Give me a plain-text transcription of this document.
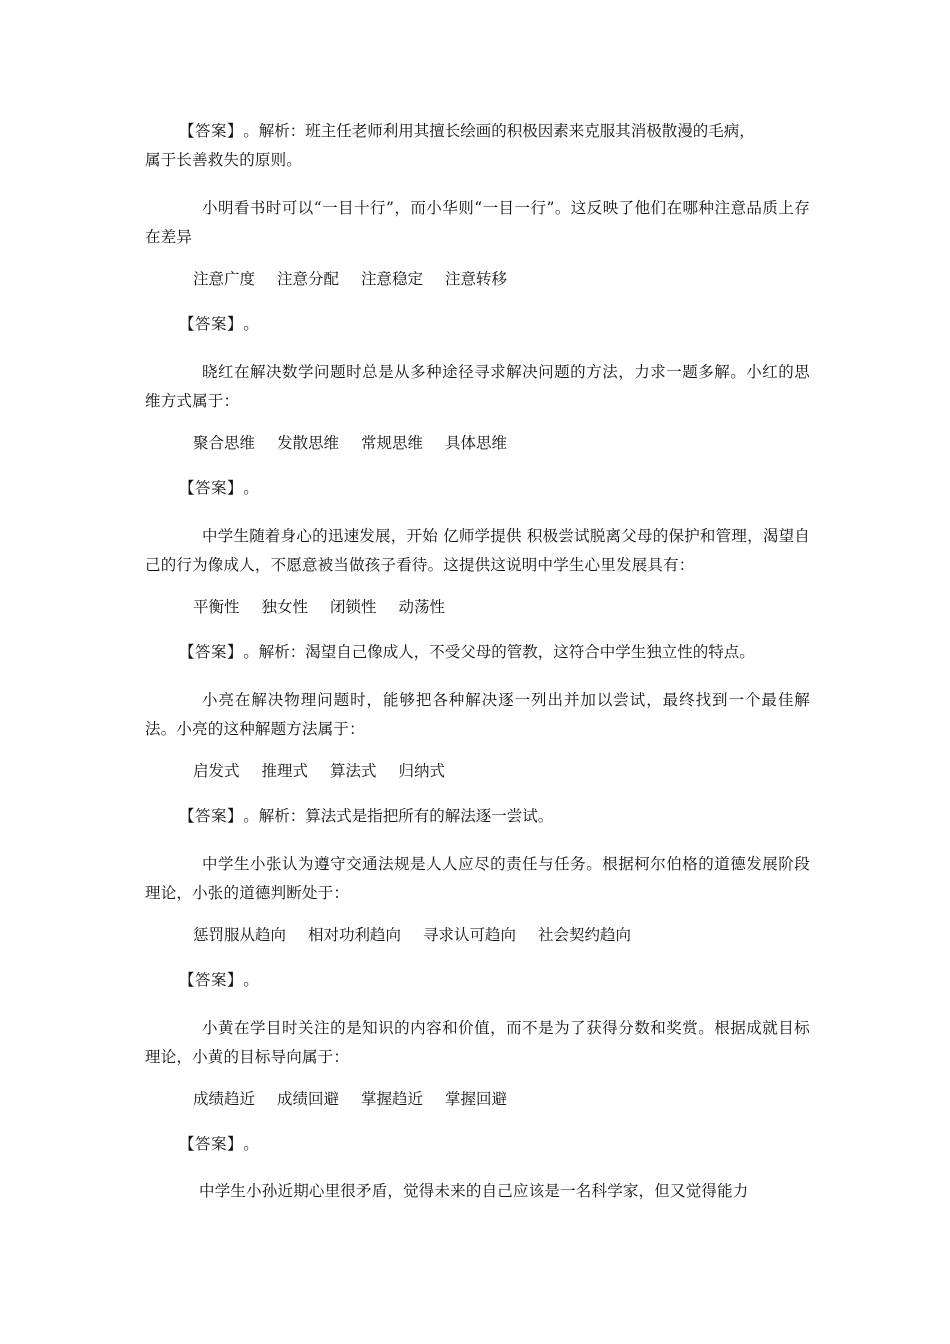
【答案】 。解析：班主任老师利用其擅长绘画的积极因素来克服其消极散漫的毛病，
属于长善救失的原则。
小明看书时可以“一目十行”，而小华则“一目一行”。这反映了他们在哪种注意品质上存在差异
注意广度 注意分配 注意稳定 注意转移
【答案】 。
晓红在解决数学问题时总是从多种途径寻求解决问题的方法，力求一题多解。小红的思维方式属于：
聚合思维 发散思维 常规思维 具体思维
【答案】 。
中学生随着身心的迅速发展，开始 亿师学提供 积极尝试脱离父母的保护和管理，渴望自己的行为像成人，不愿意被当做孩子看待。这提供这说明中学生心里发展具有：
平衡性 独女性 闭锁性 动荡性
【答案】 。解析：渴望自己像成人，不受父母的管教，这符合中学生独立性的特点。
小亮在解决物理问题时，能够把各种解决逐一列出并加以尝试，最终找到一个最佳解法。小亮的这种解题方法属于：
启发式 推理式 算法式 归纳式
【答案】 。解析：算法式是指把所有的解法逐一尝试。
中学生小张认为遵守交通法规是人人应尽的责任与任务。根据柯尔伯格的道德发展阶段理论，小张的道德判断处于：
惩罚服从趋向 相对功利趋向 寻求认可趋向 社会契约趋向
【答案】 。
小黄在学目时关注的是知识的内容和价值，而不是为了获得分数和奖赏。根据成就目标理论，小黄的目标导向属于：
成绩趋近 成绩回避 掌握趋近 掌握回避
【答案】 。
中学生小孙近期心里很矛盾，觉得未来的自己应该是一名科学家，但又觉得能力
